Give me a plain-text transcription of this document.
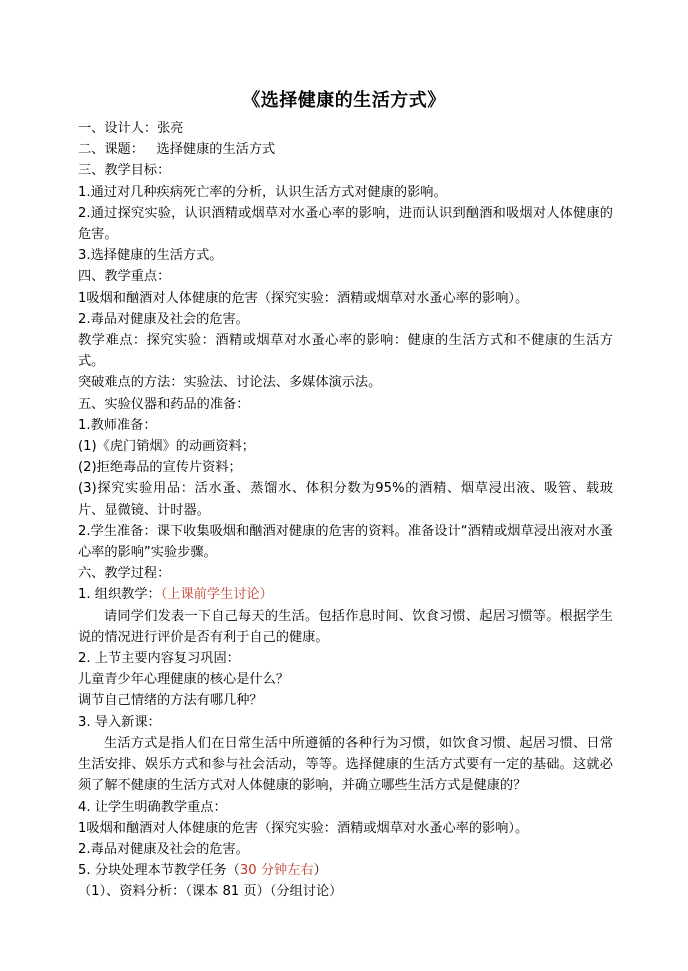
《选择健康的生活方式》

一、设计人：张亮

二、课题：   选择健康的生活方式

三、教学目标：

1.通过对几种疾病死亡率的分析，认识生活方式对健康的影响。

2.通过探究实验，认识酒精或烟草对水蚤心率的影响，进而认识到酗酒和吸烟对人体健康的危害。

3.选择健康的生活方式。

四、教学重点：

1吸烟和酗酒对人体健康的危害（探究实验：酒精或烟草对水蚤心率的影响）。

2.毒品对健康及社会的危害。

教学难点：探究实验：酒精或烟草对水蚤心率的影响：健康的生活方式和不健康的生活方式。

突破难点的方法：实验法、讨论法、多媒体演示法。

五、实验仪器和药品的准备：

1.教师准备：

(1)《虎门销烟》的动画资料；

(2)拒绝毒品的宣传片资料；

(3)探究实验用品：活水蚤、蒸馏水、体积分数为95%的酒精、烟草浸出液、吸管、载玻片、显微镜、计时器。

2.学生准备：课下收集吸烟和酗酒对健康的危害的资料。准备设计“酒精或烟草浸出液对水蚤心率的影响”实验步骤。

六、教学过程：

1. 组织教学：（上课前学生讨论）

请同学们发表一下自己每天的生活。包括作息时间、饮食习惯、起居习惯等。根据学生说的情况进行评价是否有利于自己的健康。

2. 上节主要内容复习巩固：

儿童青少年心理健康的核心是什么？

调节自己情绪的方法有哪几种？

3. 导入新课：

生活方式是指人们在日常生活中所遵循的各种行为习惯，如饮食习惯、起居习惯、日常生活安排、娱乐方式和参与社会活动，等等。选择健康的生活方式要有一定的基础。这就必须了解不健康的生活方式对人体健康的影响，并确立哪些生活方式是健康的？

4. 让学生明确教学重点：

1吸烟和酗酒对人体健康的危害（探究实验：酒精或烟草对水蚤心率的影响）。

2.毒品对健康及社会的危害。

5. 分块处理本节教学任务（30 分钟左右）

（1）、资料分析：（课本 81 页）（分组讨论）
